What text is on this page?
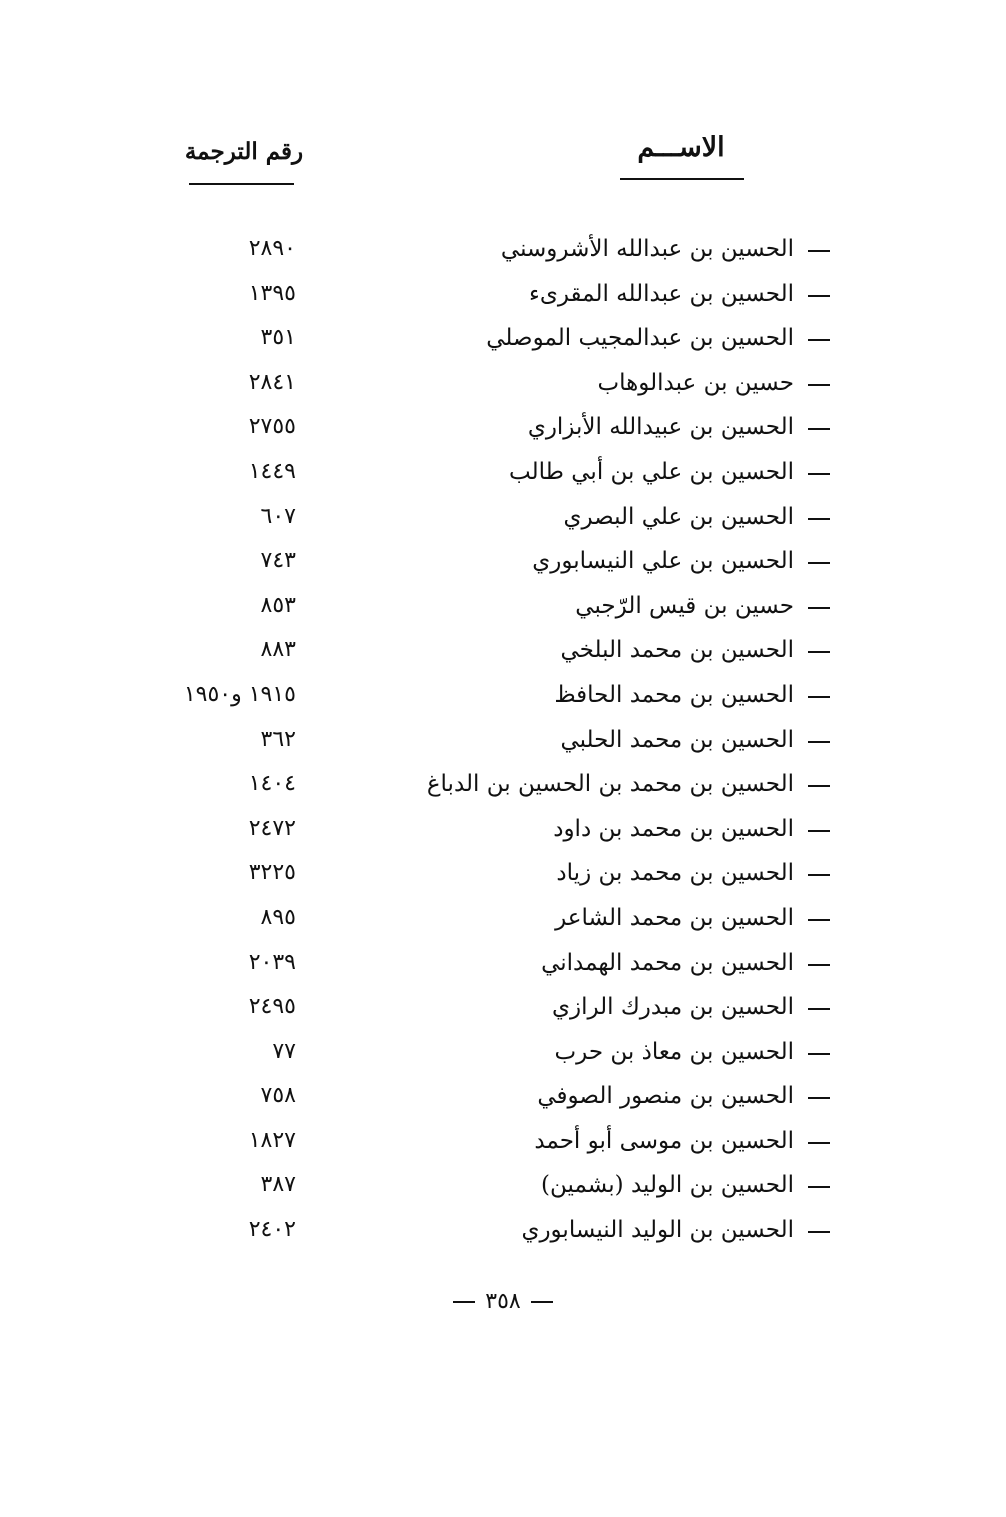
الاســـم
رقم الترجمة
الحسين بن عبدالله الأشروسني
٢٨٩٠
الحسين بن عبدالله المقرىء
١٣٩٥
الحسين بن عبدالمجيب الموصلي
٣٥١
حسين بن عبدالوهاب
٢٨٤١
الحسين بن عبيدالله الأبزاري
٢٧٥٥
الحسين بن علي بن أبي طالب
١٤٤٩
الحسين بن علي البصري
٦٠٧
الحسين بن علي النيسابوري
٧٤٣
حسين بن قيس الرّجبي
٨٥٣
الحسين بن محمد البلخي
٨٨٣
الحسين بن محمد الحافظ
١٩١٥ و١٩٥٠
الحسين بن محمد الحلبي
٣٦٢
الحسين بن محمد بن الحسين بن الدباغ
١٤٠٤
الحسين بن محمد بن داود
٢٤٧٢
الحسين بن محمد بن زياد
٣٢٢٥
الحسين بن محمد الشاعر
٨٩٥
الحسين بن محمد الهمداني
٢٠٣٩
الحسين بن مبدرك الرازي
٢٤٩٥
الحسين بن معاذ بن حرب
٧٧
الحسين بن منصور الصوفي
٧٥٨
الحسين بن موسى أبو أحمد
١٨٢٧
الحسين بن الوليد (بشمين)
٣٨٧
الحسين بن الوليد النيسابوري
٢٤٠٢
٣٥٨
